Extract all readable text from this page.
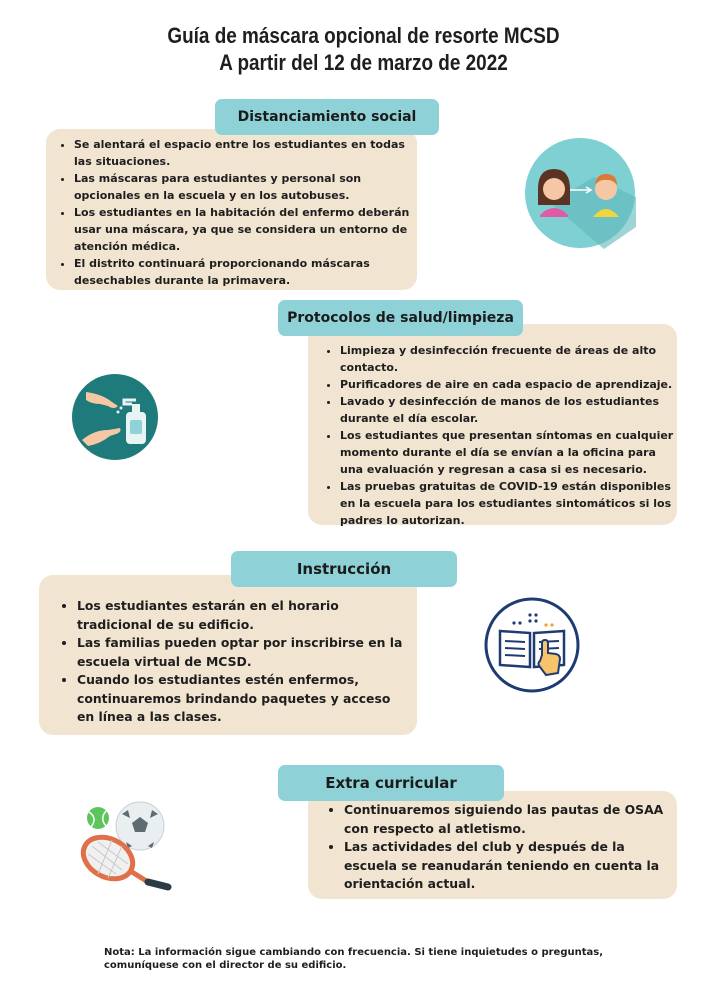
Guía de máscara opcional de resorte MCSD
A partir del 12 de marzo de 2022
• Se alentará el espacio entre los estudiantes en todas las situaciones.
• Las máscaras para estudiantes y personal son opcionales en la escuela y en los autobuses.
• Los estudiantes en la habitación del enfermo deberán usar una máscara, ya que se considera un entorno de atención médica.
• El distrito continuará proporcionando máscaras desechables durante la primavera.
Distanciamiento social
• Limpieza y desinfección frecuente de áreas de alto contacto.
• Purificadores de aire en cada espacio de aprendizaje.
• Lavado y desinfección de manos de los estudiantes durante el día escolar.
• Los estudiantes que presentan síntomas en cualquier momento durante el día se envían a la oficina para una evaluación y regresan a casa si es necesario.
• Las pruebas gratuitas de COVID-19 están disponibles en la escuela para los estudiantes sintomáticos si los padres lo autorizan.
Protocolos de salud/limpieza
• Los estudiantes estarán en el horario tradicional de su edificio.
• Las familias pueden optar por inscribirse en la escuela virtual de MCSD.
• Cuando los estudiantes estén enfermos, continuaremos brindando paquetes y acceso en línea a las clases.
Instrucción
• Continuaremos siguiendo las pautas de OSAA con respecto al atletismo.
• Las actividades del club y después de la escuela se reanudarán teniendo en cuenta la orientación actual.
Extra curricular
Nota: La información sigue cambiando con frecuencia. Si tiene inquietudes o preguntas, comuníquese con el director de su edificio.
